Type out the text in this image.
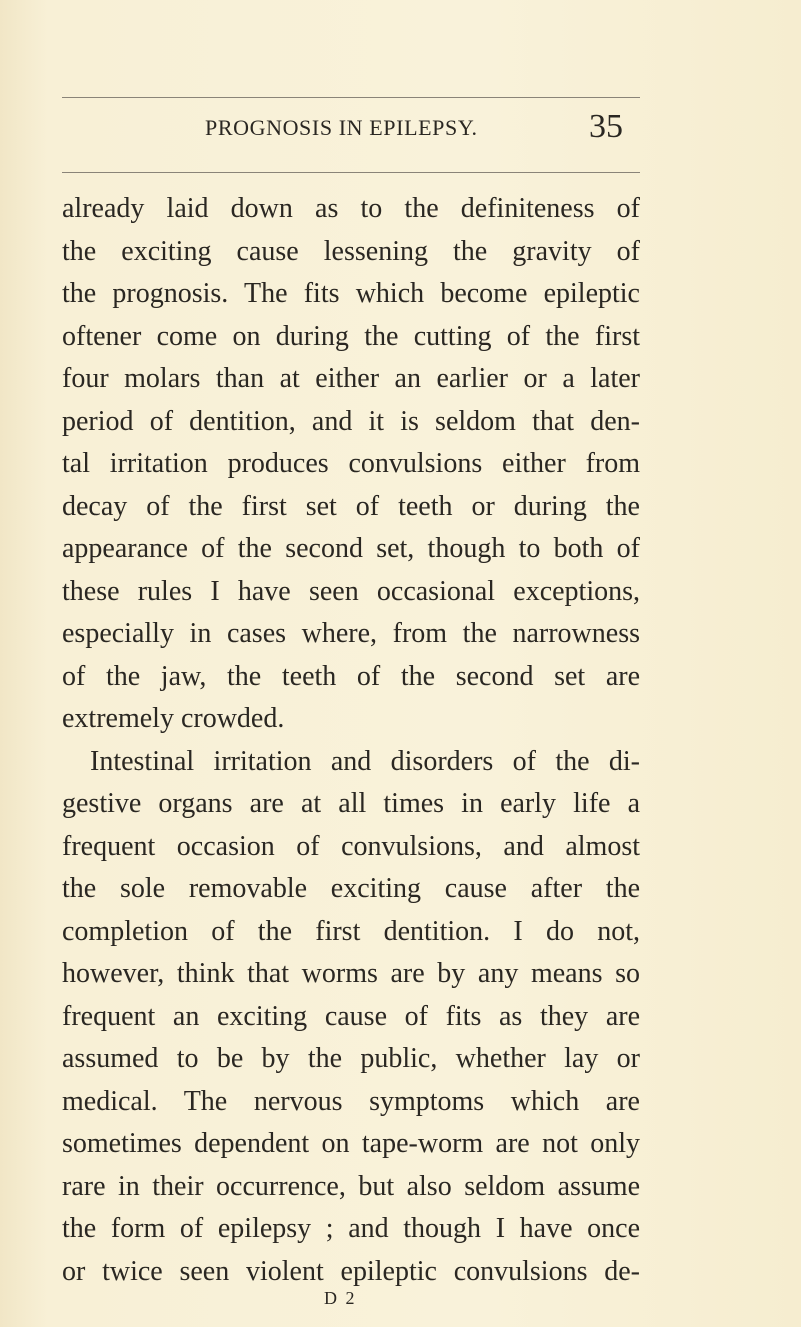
PROGNOSIS IN EPILEPSY.	35
already laid down as to the definiteness of
the exciting cause lessening the gravity of
the prognosis. The fits which become epileptic
oftener come on during the cutting of the first
four molars than at either an earlier or a later
period of dentition, and it is seldom that den-
tal irritation produces convulsions either from
decay of the first set of teeth or during the
appearance of the second set, though to both of
these rules I have seen occasional exceptions,
especially in cases where, from the narrowness
of the jaw, the teeth of the second set are
extremely crowded.
Intestinal irritation and disorders of the di-
gestive organs are at all times in early life a
frequent occasion of convulsions, and almost
the sole removable exciting cause after the
completion of the first dentition. I do not,
however, think that worms are by any means so
frequent an exciting cause of fits as they are
assumed to be by the public, whether lay or
medical. The nervous symptoms which are
sometimes dependent on tape-worm are not only
rare in their occurrence, but also seldom assume
the form of epilepsy ; and though I have once
or twice seen violent epileptic convulsions de-
D 2
